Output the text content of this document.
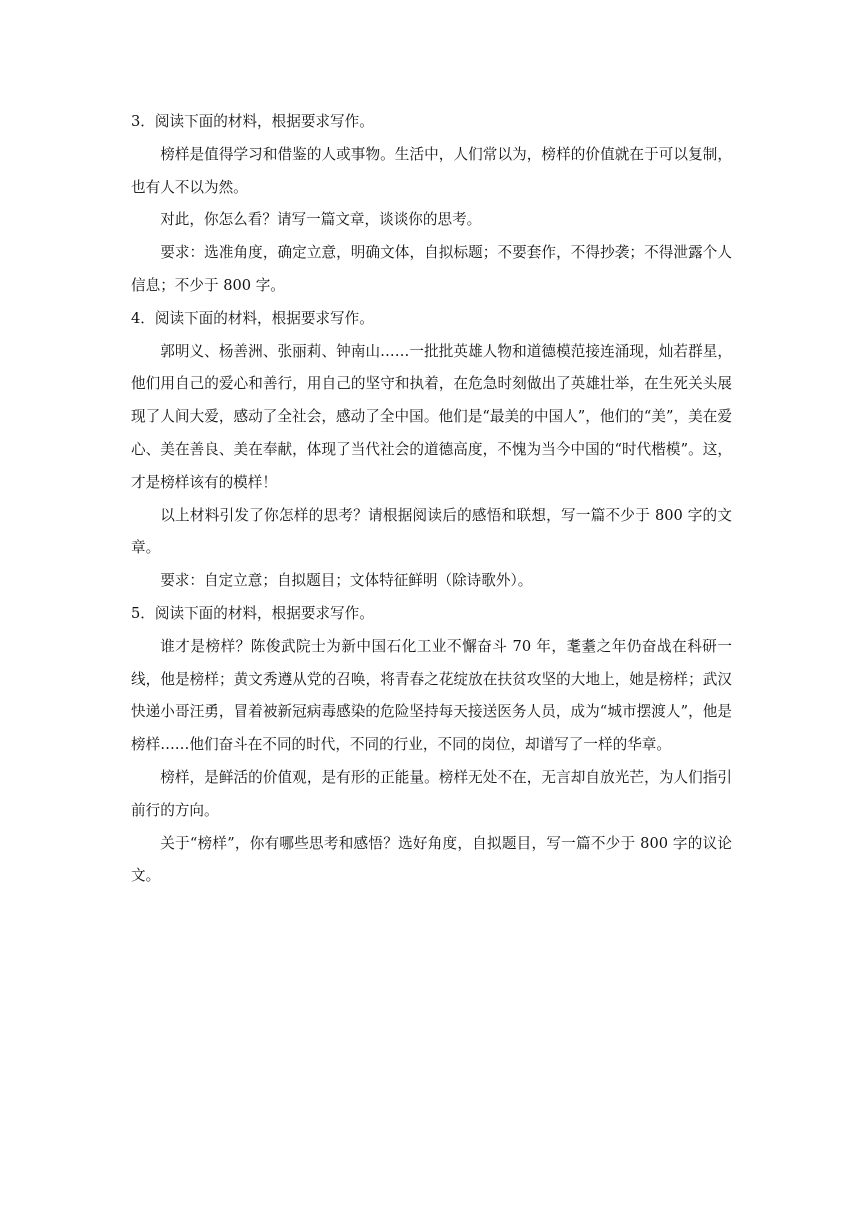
3．阅读下面的材料，根据要求写作。

榜样是值得学习和借鉴的人或事物。生活中，人们常以为，榜样的价值就在于可以复制，也有人不以为然。

对此，你怎么看？请写一篇文章，谈谈你的思考。

要求：选准角度，确定立意，明确文体，自拟标题；不要套作，不得抄袭；不得泄露个人信息；不少于 800 字。

4．阅读下面的材料，根据要求写作。

郭明义、杨善洲、张丽莉、钟南山……一批批英雄人物和道德模范接连涌现，灿若群星，他们用自己的爱心和善行，用自己的坚守和执着，在危急时刻做出了英雄壮举，在生死关头展现了人间大爱，感动了全社会，感动了全中国。他们是“最美的中国人”，他们的“美”，美在爱心、美在善良、美在奉献，体现了当代社会的道德高度，不愧为当今中国的“时代楷模”。这，才是榜样该有的模样！

以上材料引发了你怎样的思考？请根据阅读后的感悟和联想，写一篇不少于 800 字的文章。

要求：自定立意；自拟题目；文体特征鲜明（除诗歌外）。

5．阅读下面的材料，根据要求写作。

谁才是榜样？陈俊武院士为新中国石化工业不懈奋斗 70 年，耄耋之年仍奋战在科研一线，他是榜样；黄文秀遵从党的召唤，将青春之花绽放在扶贫攻坚的大地上，她是榜样；武汉快递小哥汪勇，冒着被新冠病毒感染的危险坚持每天接送医务人员，成为“城市摆渡人”，他是榜样……他们奋斗在不同的时代，不同的行业，不同的岗位，却谱写了一样的华章。

榜样，是鲜活的价值观，是有形的正能量。榜样无处不在，无言却自放光芒，为人们指引前行的方向。

关于“榜样”，你有哪些思考和感悟？选好角度，自拟题目，写一篇不少于 800 字的议论文。
